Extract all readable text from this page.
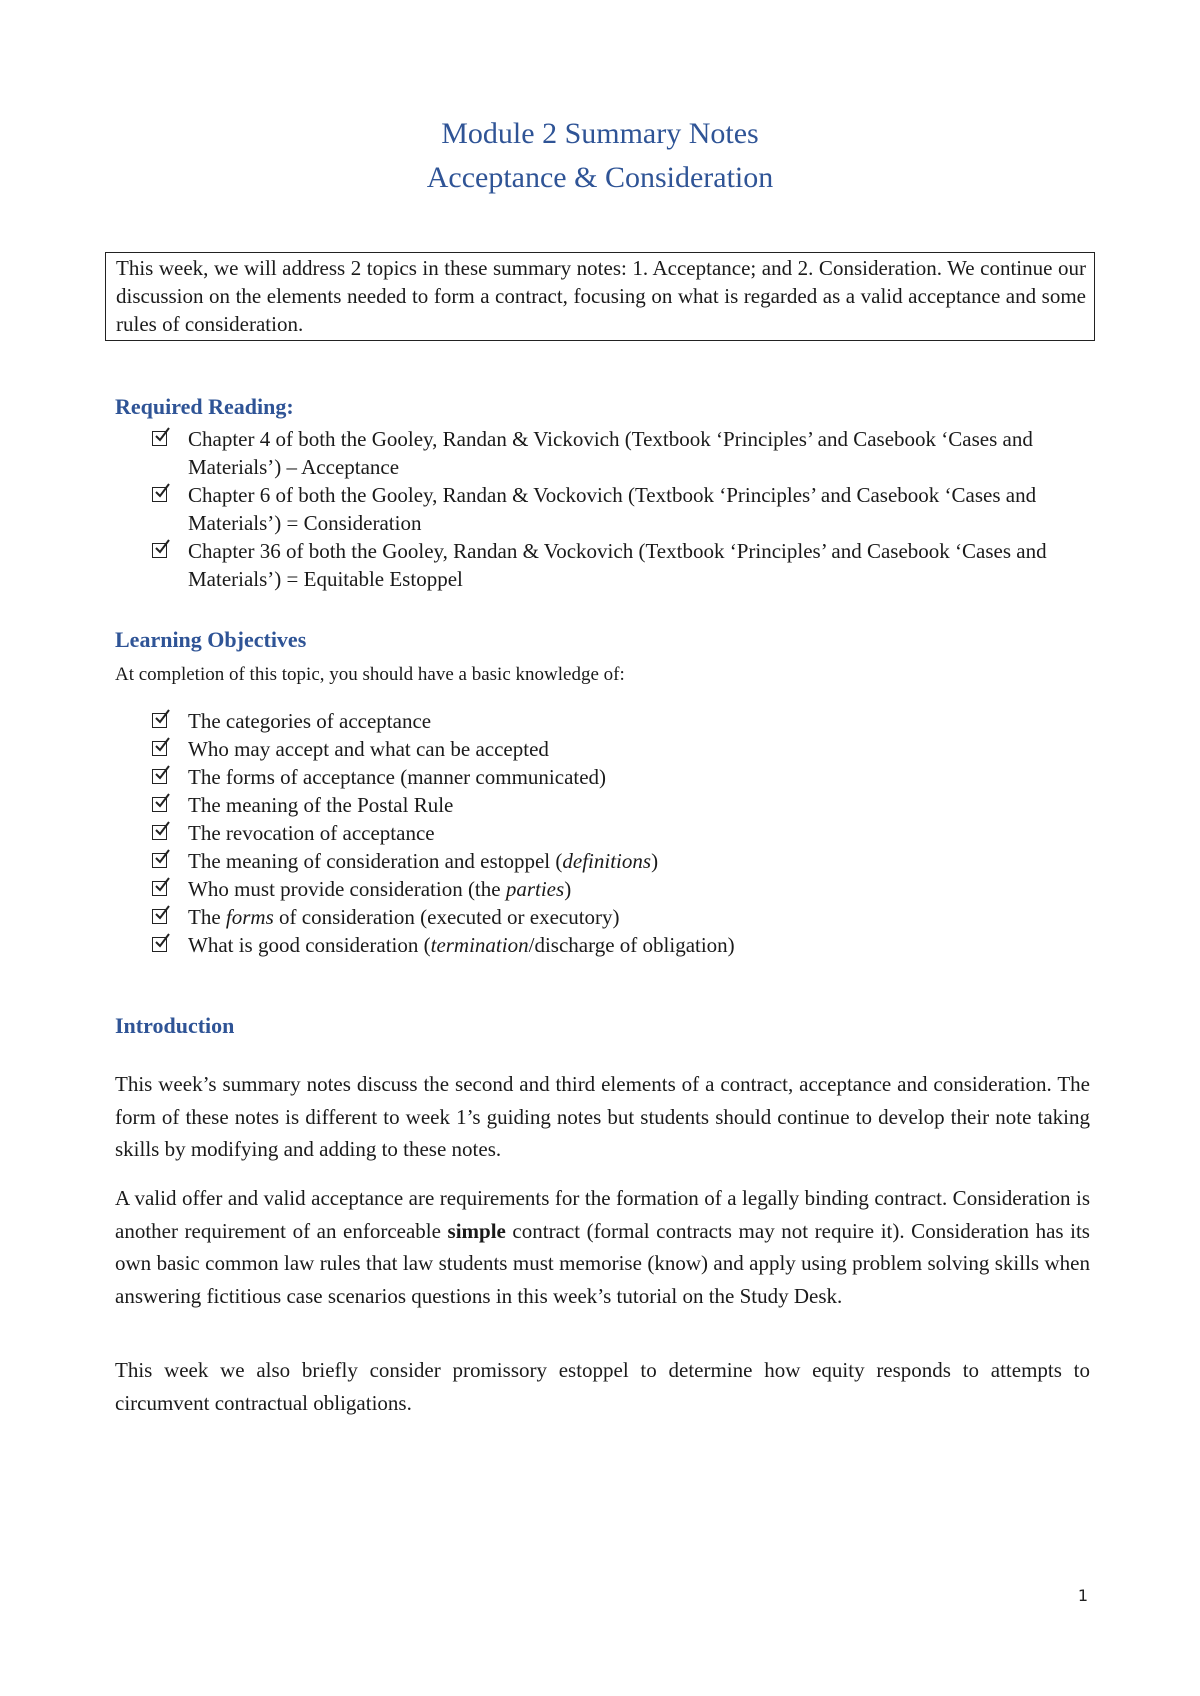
Module 2 Summary Notes
Acceptance & Consideration
This week, we will address 2 topics in these summary notes: 1. Acceptance; and 2. Consideration. We continue our discussion on the elements needed to form a contract, focusing on what is regarded as a valid acceptance and some rules of consideration.
Required Reading:
Chapter 4 of both the Gooley, Randan & Vickovich (Textbook ‘Principles’ and Casebook ‘Cases and Materials’) – Acceptance
Chapter 6 of both the Gooley, Randan & Vockovich (Textbook ‘Principles’ and Casebook ‘Cases and Materials’) = Consideration
Chapter 36 of both the Gooley, Randan & Vockovich (Textbook ‘Principles’ and Casebook ‘Cases and Materials’) = Equitable Estoppel
Learning Objectives
At completion of this topic, you should have a basic knowledge of:
The categories of acceptance
Who may accept and what can be accepted
The forms of acceptance (manner communicated)
The meaning of the Postal Rule
The revocation of acceptance
The meaning of consideration and estoppel (definitions)
Who must provide consideration (the parties)
The forms of consideration (executed or executory)
What is good consideration (termination/discharge of obligation)
Introduction

This week’s summary notes discuss the second and third elements of a contract, acceptance and consideration. The form of these notes is different to week 1’s guiding notes but students should continue to develop their note taking skills by modifying and adding to these notes.

A valid offer and valid acceptance are requirements for the formation of a legally binding contract. Consideration is another requirement of an enforceable simple contract (formal contracts may not require it). Consideration has its own basic common law rules that law students must memorise (know) and apply using problem solving skills when answering fictitious case scenarios questions in this week’s tutorial on the Study Desk.

This week we also briefly consider promissory estoppel to determine how equity responds to attempts to circumvent contractual obligations.

1
